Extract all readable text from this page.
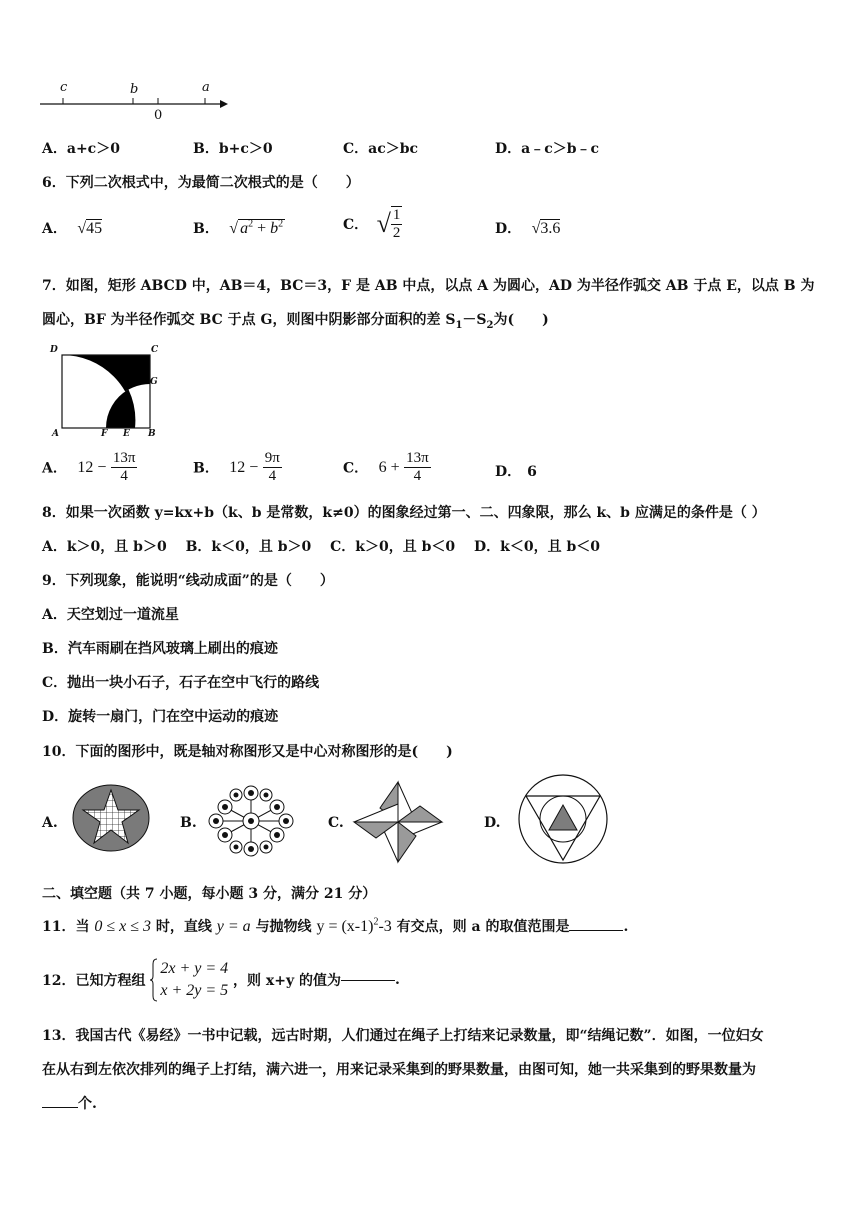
c	b
0
a
A．a+c＞0	B．b+c＞0	C．ac＞bc	D．a﹣c＞b﹣c
6．下列二次根式中，为最简二次根式的是（　　）
A． √45	B． √ $a^2 + b^2$	C． √ $\frac{1}{2}$	D． √3.6
7．如图，矩形 ABCD 中，AB＝4，BC＝3，F 是 AB 中点，以点 A 为圆心，AD 为半径作弧交 AB 于点 E，以点 B 为
圆心，BF 为半径作弧交 BC 于点 G，则图中阴影部分面积的差 $S_1-S_2$为(　　)
D	C
G
A	F E B
A． $12 - \frac{13\pi}{4}$	B． $12 - \frac{9\pi}{4}$	C． $6 + \frac{13\pi}{4}$	D． 6
8．如果一次函数 y=kx+b（k、b 是常数，k≠0）的图象经过第一、二、四象限，那么 k、b 应满足的条件是（ ）
A．k＞0，且 b＞0　 B．k＜0，且 b＞0　 C．k＞0，且 b＜0　 D．k＜0，且 b＜0
9．下列现象，能说明“线动成面”的是（　　）
A．天空划过一道流星
B．汽车雨刷在挡风玻璃上刷出的痕迹
C．抛出一块小石子，石子在空中飞行的路线
D．旋转一扇门，门在空中运动的痕迹
10．下面的图形中，既是轴对称图形又是中心对称图形的是(　　)
A.	B.	C.	D.
二、填空题（共 7 小题，每小题 3 分，满分 21 分）
11．当 0 ≤ x ≤ 3 时，直线 y = a 与抛物线 $y = (x-1)^2-3$ 有交点，则 a 的取值范围是	.
12．已知方程组
2x + y = 4
x + 2y = 5
，则 x+y 的值为	.
13．我国古代《易经》一书中记载，远古时期，人们通过在绳子上打结来记录数量，即“结绳记数”．如图，一位妇女
在从右到左依次排列的绳子上打结，满六进一，用来记录采集到的野果数量，由图可知，她一共采集到的野果数量为
个.
